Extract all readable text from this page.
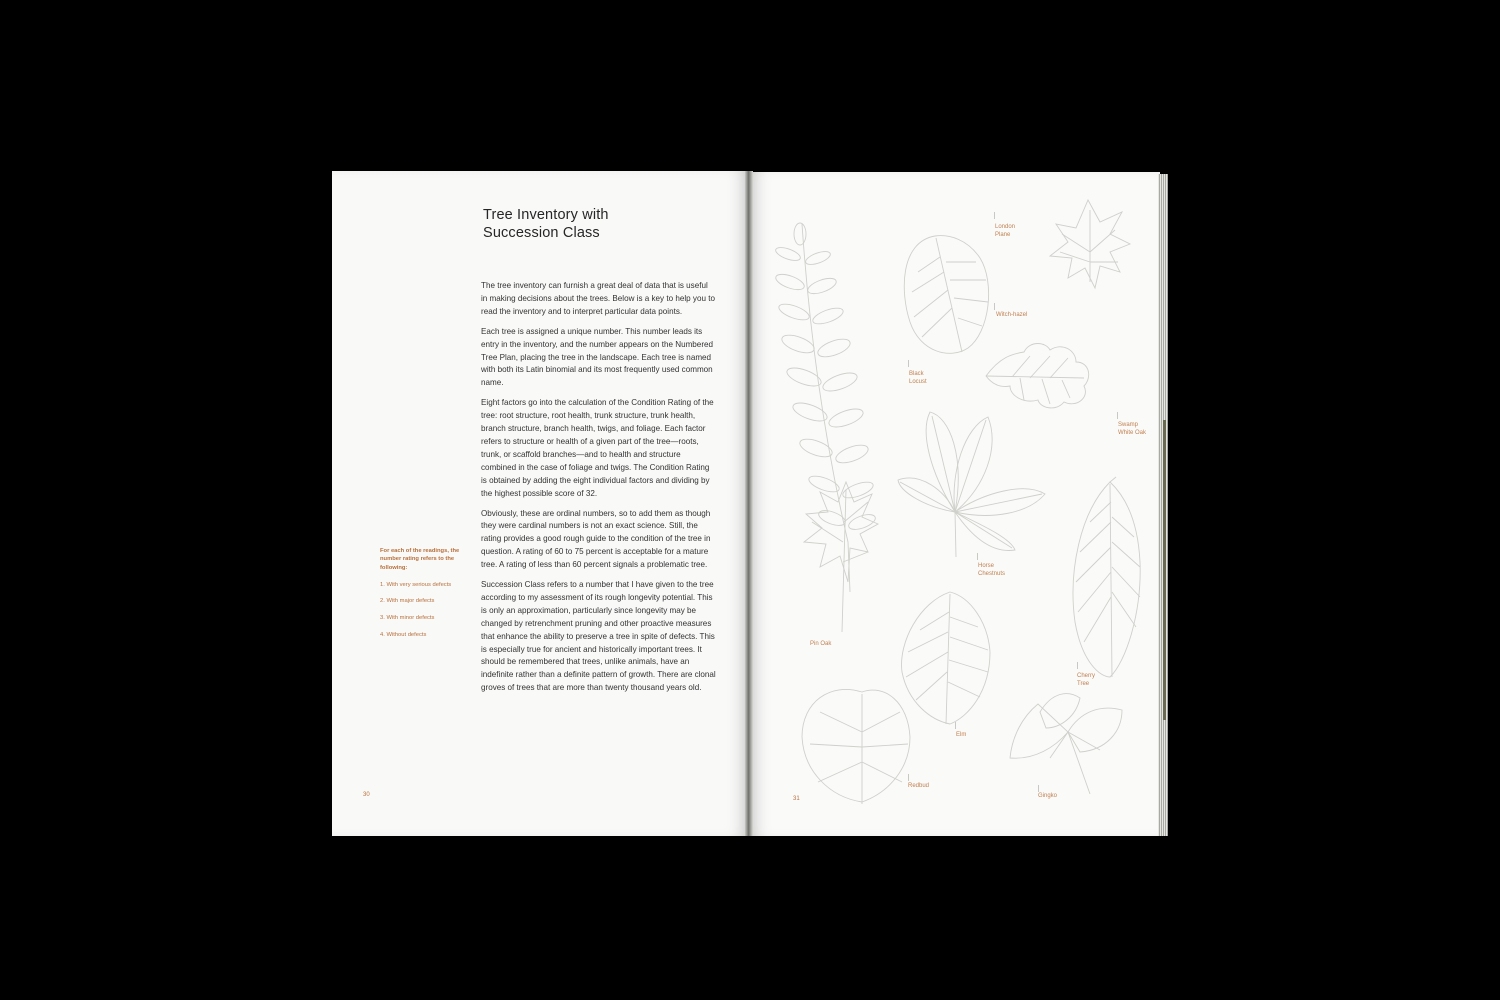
Tree Inventory with
Succession Class

The tree inventory can furnish a great deal of data that is useful in making decisions about the trees. Below is a key to help you to read the inventory and to interpret particular data points.

Each tree is assigned a unique number. This number leads its entry in the inventory, and the number appears on the Numbered Tree Plan, placing the tree in the landscape. Each tree is named with both its Latin binomial and its most frequently used common name.

Eight factors go into the calculation of the Condition Rating of the tree: root structure, root health, trunk structure, trunk health, branch structure, branch health, twigs, and foliage. Each factor refers to structure or health of a given part of the tree—roots, trunk, or scaffold branches—and to health and structure combined in the case of foliage and twigs. The Condition Rating is obtained by adding the eight individual factors and dividing by the highest possible score of 32.

Obviously, these are ordinal numbers, so to add them as though they were cardinal numbers is not an exact science. Still, the rating provides a good rough guide to the condition of the tree in question. A rating of 60 to 75 percent is acceptable for a mature tree. A rating of less than 60 percent signals a problematic tree.

Succession Class refers to a number that I have given to the tree according to my assessment of its rough longevity potential. This is only an approximation, particularly since longevity may be changed by retrenchment pruning and other proactive measures that enhance the ability to preserve a tree in spite of defects. This is especially true for ancient and historically important trees. It should be remembered that trees, unlike animals, have an indefinite rather than a definite pattern of growth. There are clonal groves of trees that are more than twenty thousand years old.

For each of the readings, the number rating refers to the following:

1. With very serious defects

2. With major defects

3. With minor defects

4. Without defects

30
31
London
Plane
Witch-hazel
Black
Locust
Swamp
White Oak
Horse
Chestnuts
Pin Oak
Cherry
Tree
Elm
Redbud
Gingko
